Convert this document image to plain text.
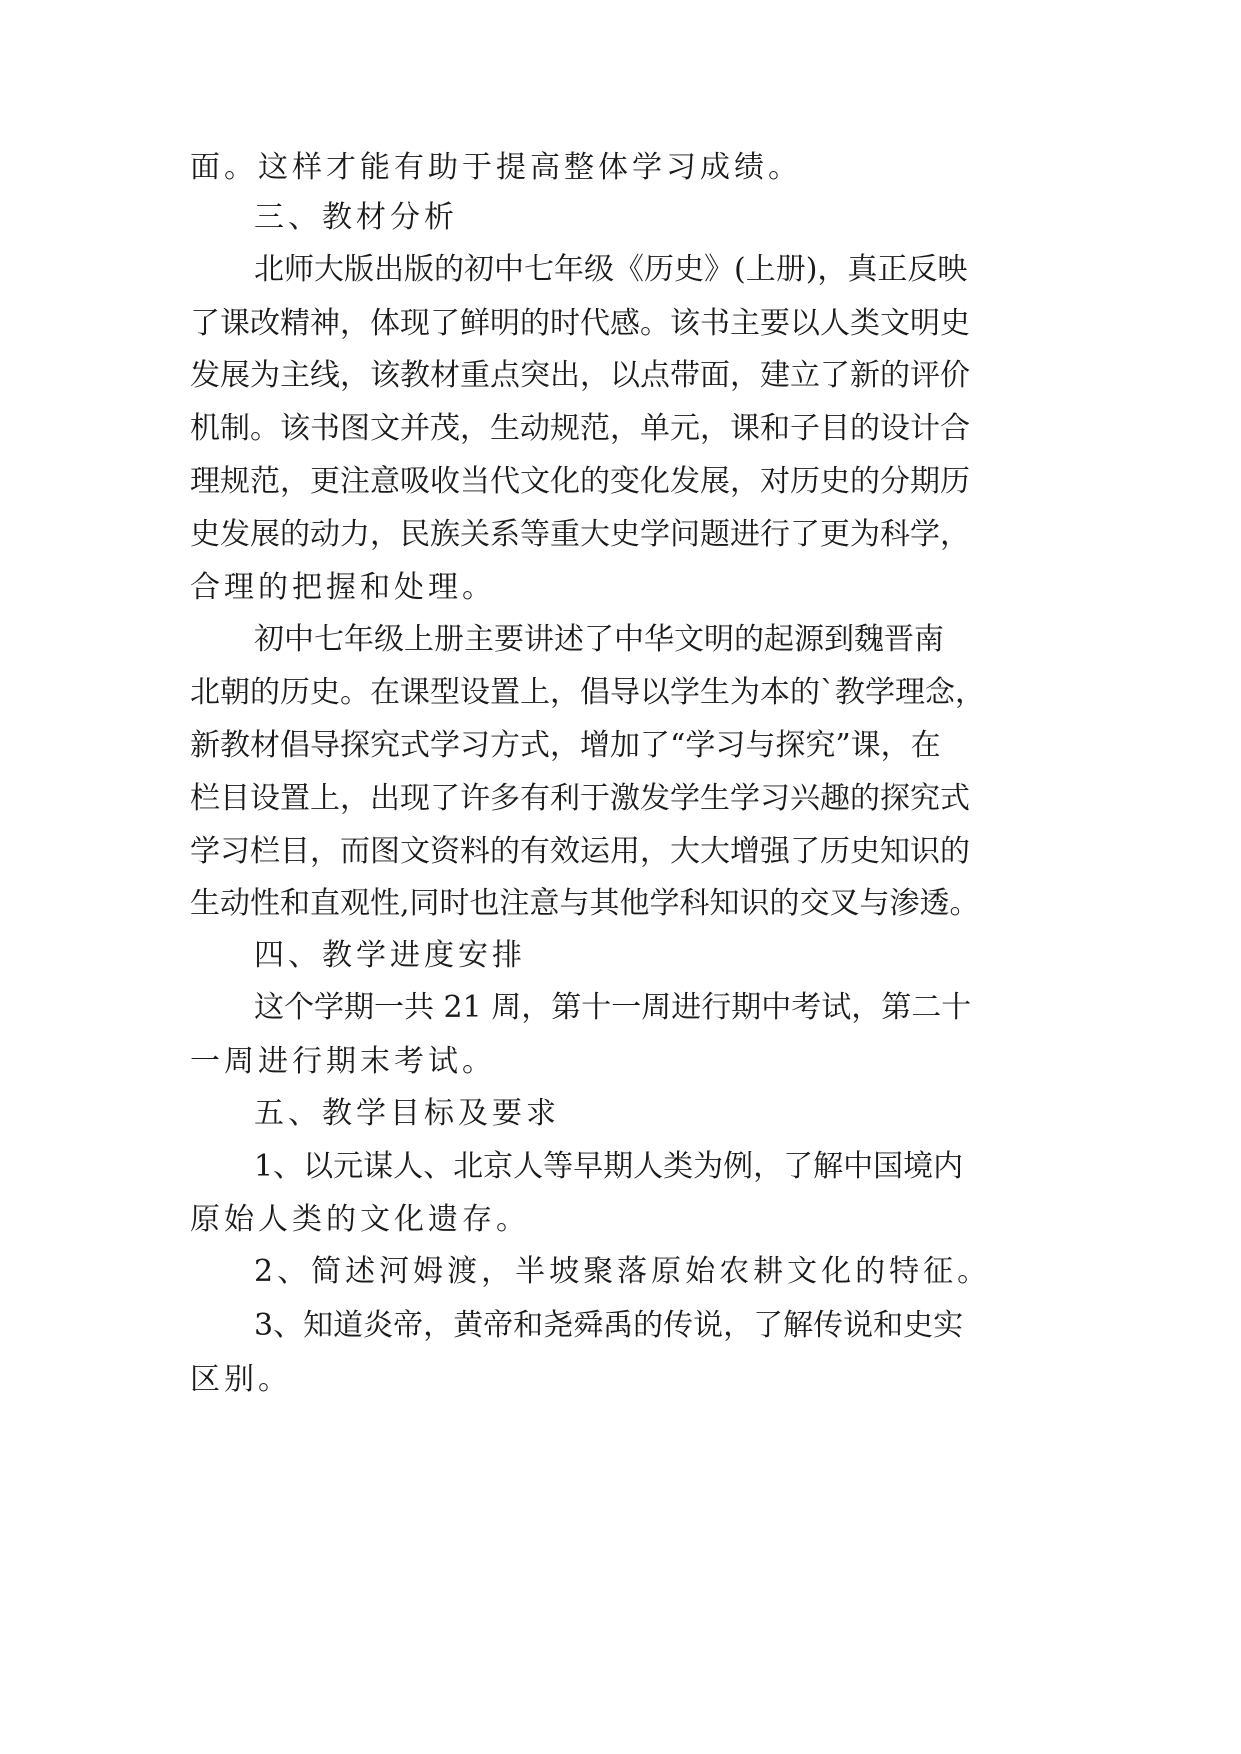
面。这样才能有助于提高整体学习成绩。
三、教材分析
北师大版出版的初中七年级《历史》(上册)，真正反映
了课改精神，体现了鲜明的时代感。该书主要以人类文明史
发展为主线，该教材重点突出，以点带面，建立了新的评价
机制。该书图文并茂，生动规范，单元，课和子目的设计合
理规范，更注意吸收当代文化的变化发展，对历史的分期历
史发展的动力，民族关系等重大史学问题进行了更为科学，
合理的把握和处理。
初中七年级上册主要讲述了中华文明的起源到魏晋南
北朝的历史。在课型设置上，倡导以学生为本的`教学理念，
新教材倡导探究式学习方式，增加了“学习与探究”课，在
栏目设置上，出现了许多有利于激发学生学习兴趣的探究式
学习栏目，而图文资料的有效运用，大大增强了历史知识的
生动性和直观性,同时也注意与其他学科知识的交叉与渗透。
四、教学进度安排
这个学期一共 21 周，第十一周进行期中考试，第二十
一周进行期末考试。
五、教学目标及要求
1、以元谋人、北京人等早期人类为例，了解中国境内
原始人类的文化遗存。
2、简述河姆渡，半坡聚落原始农耕文化的特征。
3、知道炎帝，黄帝和尧舜禹的传说，了解传说和史实
区别。
